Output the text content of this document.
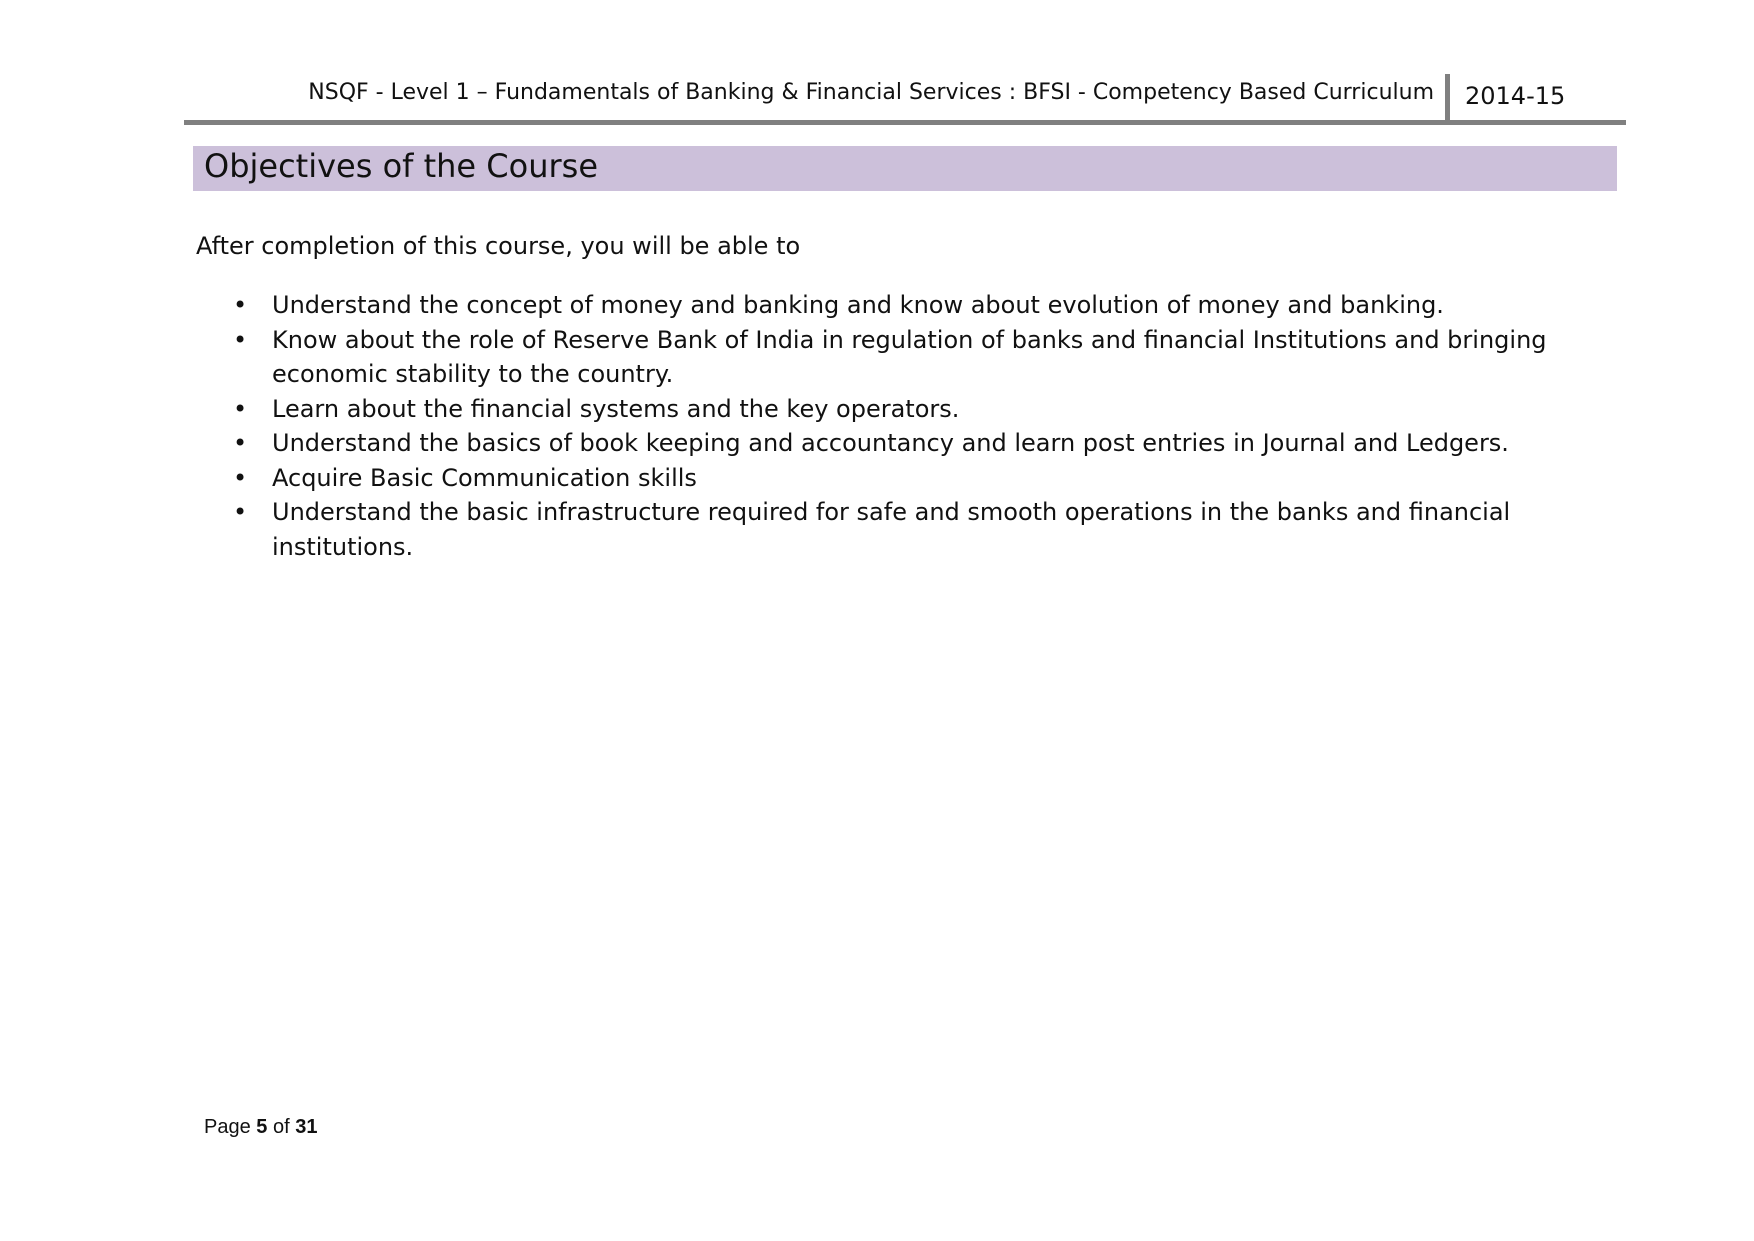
NSQF - Level 1 – Fundamentals of Banking & Financial Services : BFSI - Competency Based Curriculum 2014-15
Objectives of the Course
After completion of this course, you will be able to
• Understand the concept of money and banking and know about evolution of money and banking.
• Know about the role of Reserve Bank of India in regulation of banks and financial Institutions and bringing economic stability to the country.
• Learn about the financial systems and the key operators.
• Understand the basics of book keeping and accountancy and learn post entries in Journal and Ledgers.
• Acquire Basic Communication skills
• Understand the basic infrastructure required for safe and smooth operations in the banks and financial institutions.
Page 5 of 31
